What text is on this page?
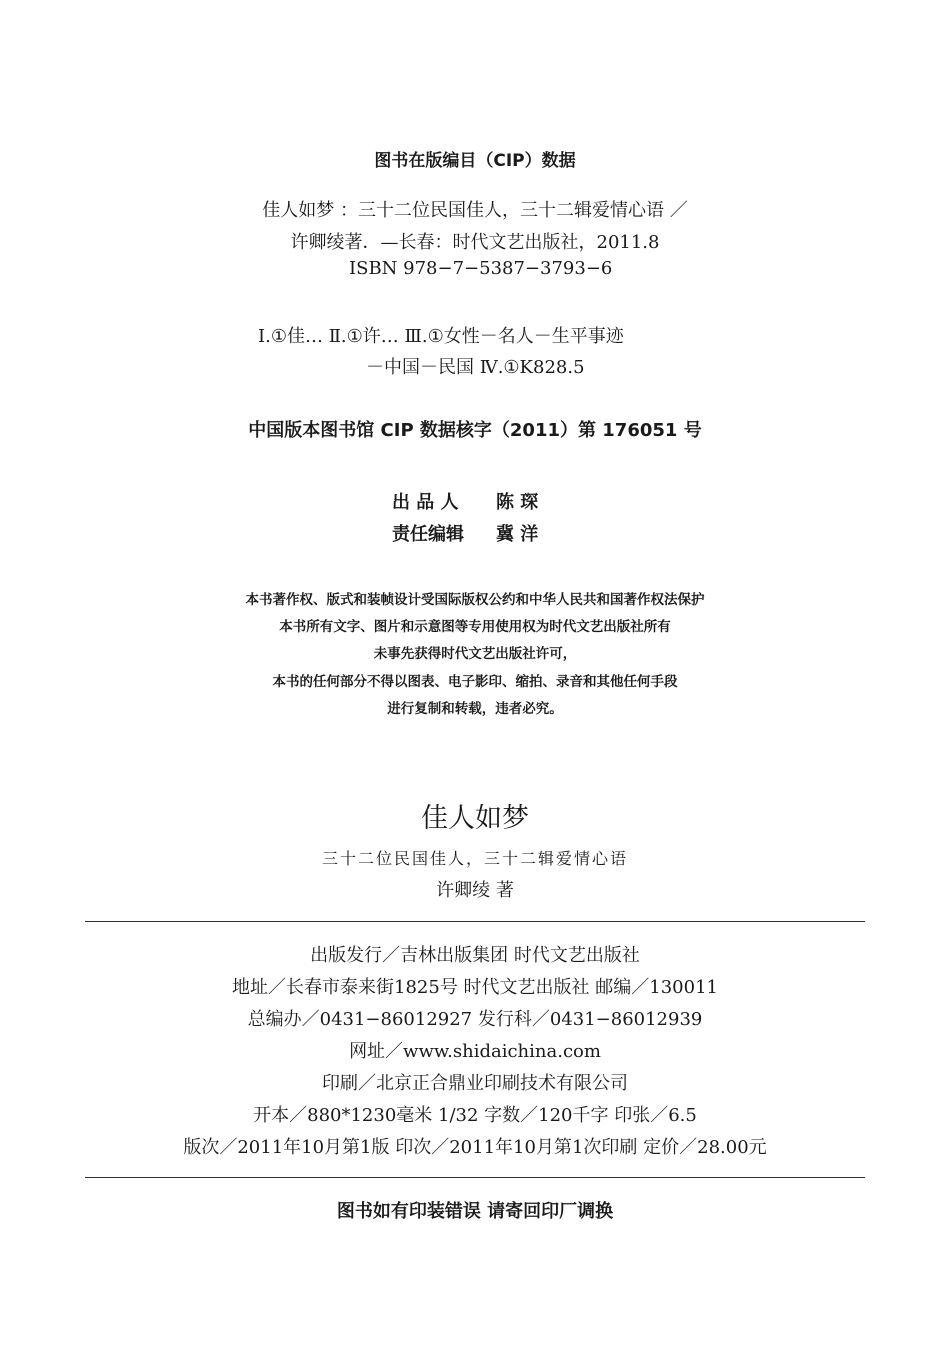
图书在版编目（CIP）数据
佳人如梦 ：三十二位民国佳人，三十二辑爱情心语 ／
许卿绫著．—长春：时代文艺出版社，2011.8
ISBN 978−7−5387−3793−6
Ⅰ.①佳… Ⅱ.①许… Ⅲ.①女性－名人－生平事迹
－中国－民国 Ⅳ.①K828.5
中国版本图书馆 CIP 数据核字（2011）第 176051 号
出 品 人 陈 琛
责任编辑 冀 洋
本书著作权、版式和装帧设计受国际版权公约和中华人民共和国著作权法保护
本书所有文字、图片和示意图等专用使用权为时代文艺出版社所有
未事先获得时代文艺出版社许可，
本书的任何部分不得以图表、电子影印、缩拍、录音和其他任何手段
进行复制和转载，违者必究。
佳人如梦
三十二位民国佳人，三十二辑爱情心语
许卿绫 著
出版发行／吉林出版集团 时代文艺出版社
地址／长春市泰来街1825号 时代文艺出版社 邮编／130011
总编办／0431−86012927 发行科／0431−86012939
网址／www.shidaichina.com
印刷／北京正合鼎业印刷技术有限公司
开本／880*1230毫米 1/32 字数／120千字 印张／6.5
版次／2011年10月第1版 印次／2011年10月第1次印刷 定价／28.00元
图书如有印装错误 请寄回印厂调换
